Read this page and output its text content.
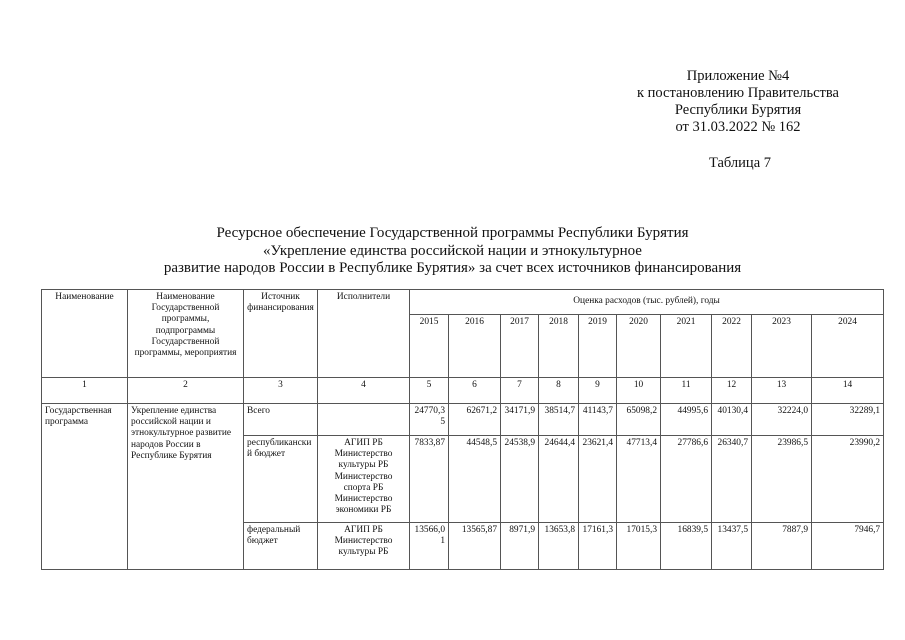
Приложение №4
к постановлению Правительства
Республики Бурятия
от 31.03.2022 № 162
Таблица 7
Ресурсное обеспечение Государственной программы Республики Бурятия
«Укрепление единства российской нации и этнокультурное
развитие народов России в Республике Бурятия» за счет всех источников финансирования
Наименование	Наименование Государственной программы, подпрограммы Государственной программы, мероприятия	Источник финансирования	Исполнители	Оценка расходов (тыс. рублей), годы									
				2015	2016	2017	2018	2019	2020	2021	2022	2023	2024
1	2	3	4	5	6	7	8	9	10	11	12	13	14
Государственная программа	Укрепление единства российской нации и этнокультурное развитие народов России в Республике Бурятия	Всего		24770,35	62671,2	34171,9	38514,7	41143,7	65098,2	44995,6	40130,4	32224,0	32289,1
		республиканский бюджет	АГИП РБ Министерство культуры РБ Министерство спорта РБ Министерство экономики РБ	7833,87	44548,5	24538,9	24644,4	23621,4	47713,4	27786,6	26340,7	23986,5	23990,2
		федеральный бюджет	АГИП РБ Министерство культуры РБ	13566,01	13565,87	8971,9	13653,8	17161,3	17015,3	16839,5	13437,5	7887,9	7946,7
